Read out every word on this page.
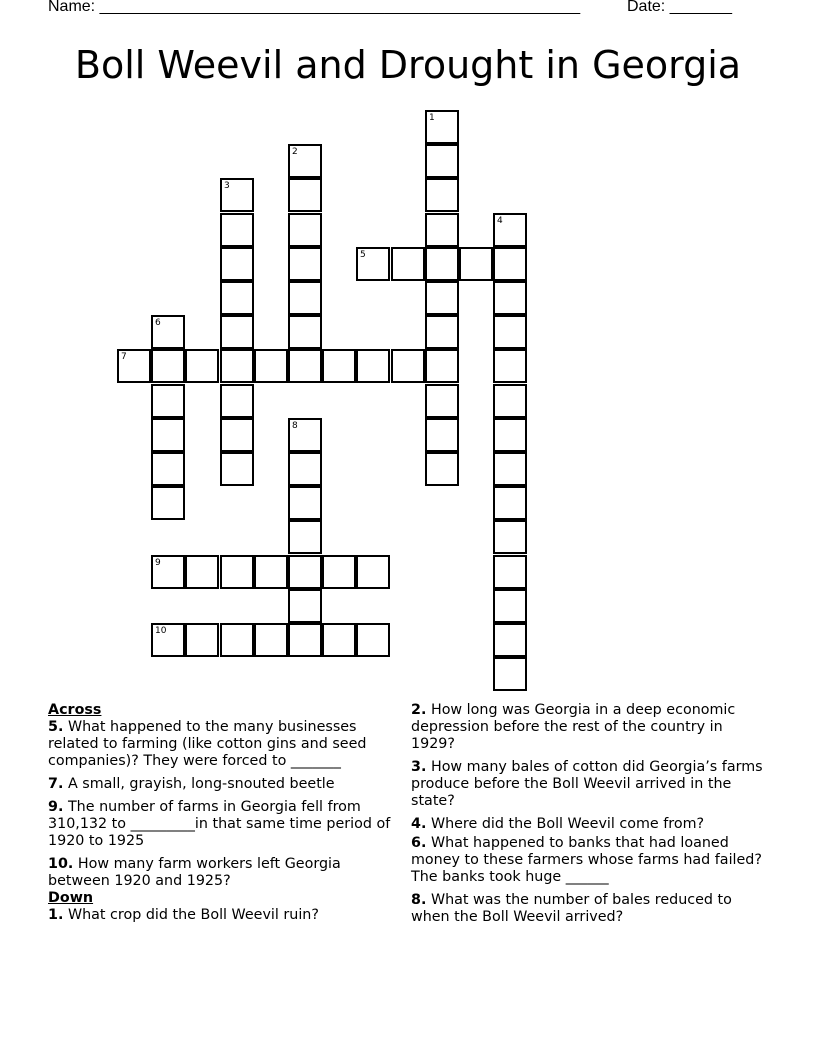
Name: ______________________________________________________	Date: _______
Boll Weevil and Drought in Georgia
1
2
3
4
5
6
7
8
9
10

Across

5. What happened to the many businesses related to farming (like cotton gins and seed companies)? They were forced to _______

7. A small, grayish, long-snouted beetle

9. The number of farms in Georgia fell from 310,132 to _________in that same time period of 1920 to 1925

10. How many farm workers left Georgia between 1920 and 1925?

Down

1. What crop did the Boll Weevil ruin?

2. How long was Georgia in a deep economic depression before the rest of the country in 1929?

3. How many bales of cotton did Georgia’s farms produce before the Boll Weevil arrived in the state?

4. Where did the Boll Weevil come from?

6. What happened to banks that had loaned money to these farmers whose farms had failed? The banks took huge ______

8. What was the number of bales reduced to when the Boll Weevil arrived?
